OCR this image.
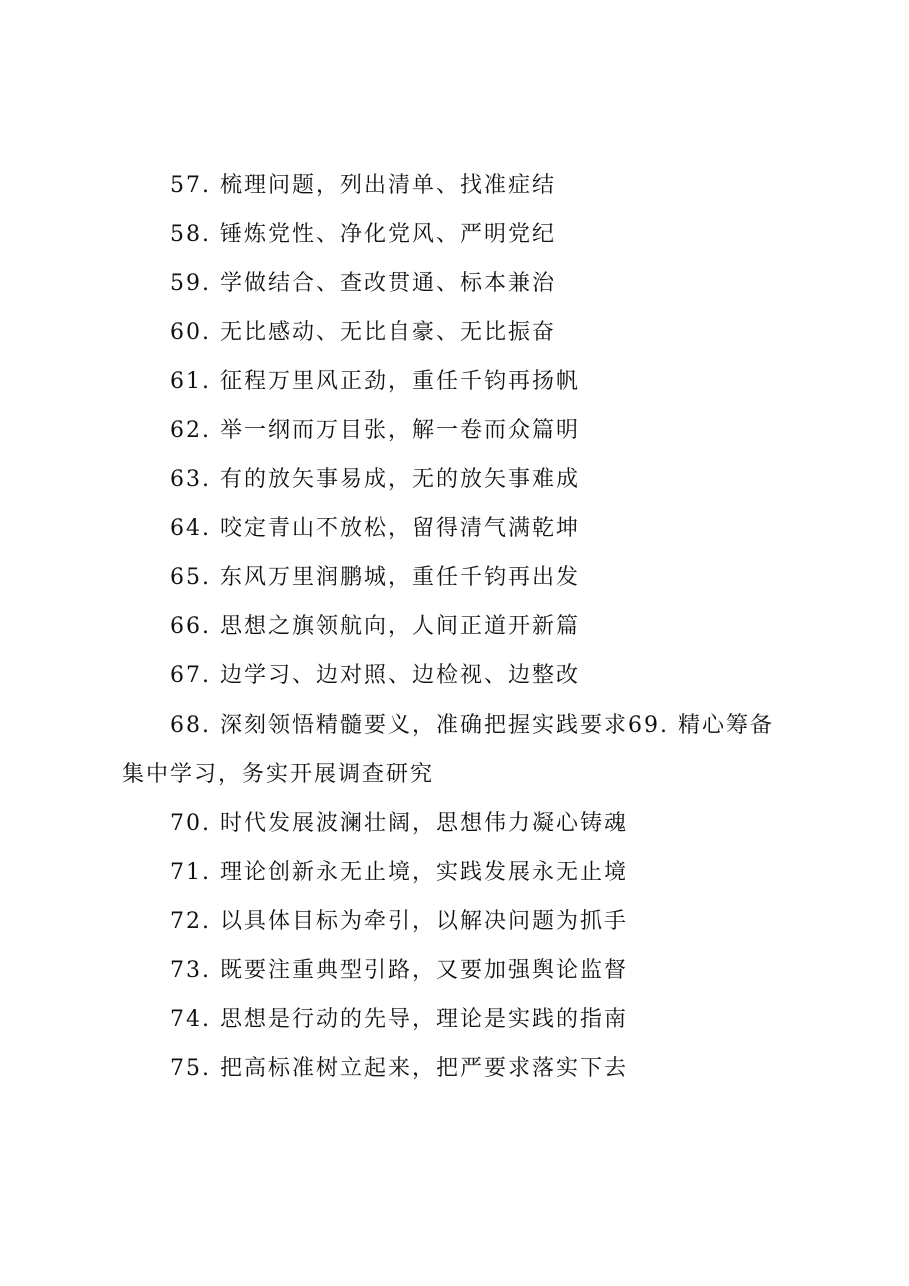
57. 梳理问题，列出清单、找准症结
58. 锤炼党性、净化党风、严明党纪
59. 学做结合、查改贯通、标本兼治
60. 无比感动、无比自豪、无比振奋
61. 征程万里风正劲，重任千钧再扬帆
62. 举一纲而万目张，解一卷而众篇明
63. 有的放矢事易成，无的放矢事难成
64. 咬定青山不放松，留得清气满乾坤
65. 东风万里润鹏城，重任千钧再出发
66. 思想之旗领航向，人间正道开新篇
67. 边学习、边对照、边检视、边整改
68. 深刻领悟精髓要义，准确把握实践要求69. 精心筹备
集中学习，务实开展调查研究
70. 时代发展波澜壮阔，思想伟力凝心铸魂
71. 理论创新永无止境，实践发展永无止境
72. 以具体目标为牵引，以解决问题为抓手
73. 既要注重典型引路，又要加强舆论监督
74. 思想是行动的先导，理论是实践的指南
75. 把高标准树立起来，把严要求落实下去
